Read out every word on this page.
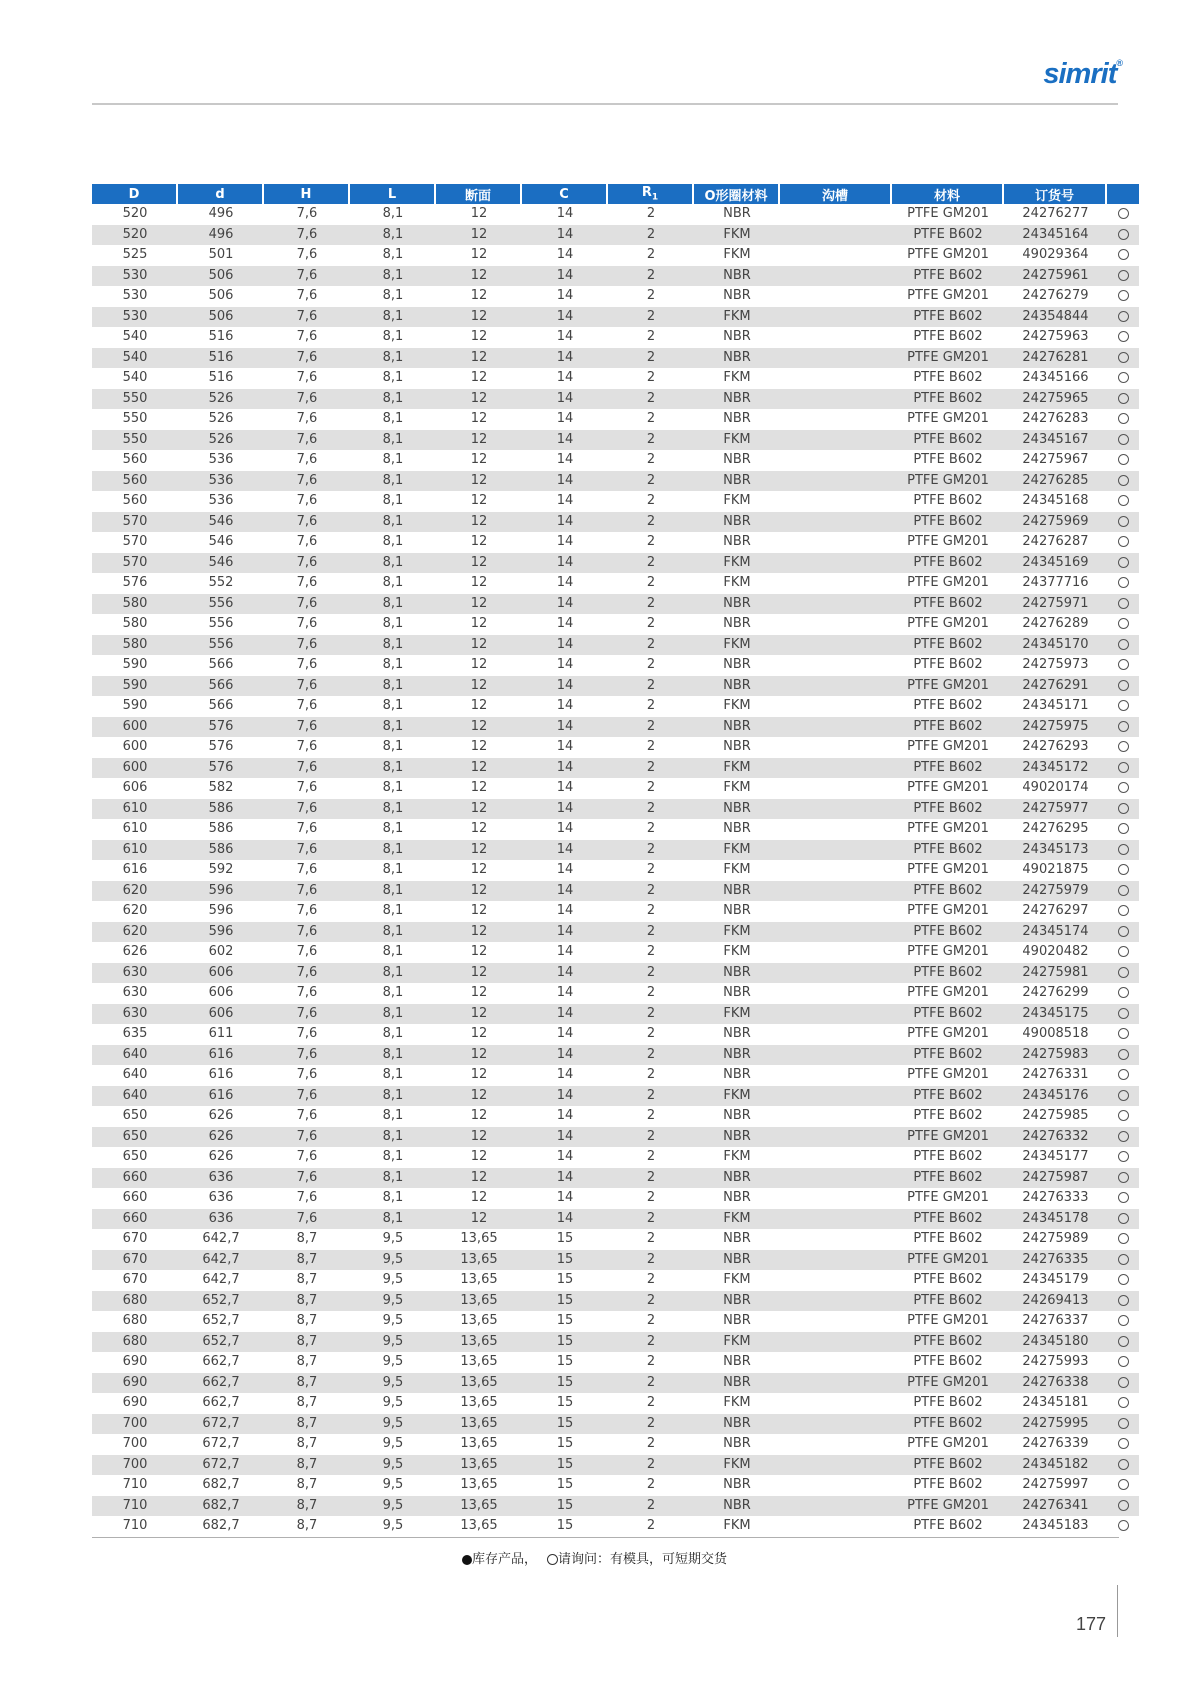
simrit®
D	d	H	L	断面	C	$R_1$	O形圈材料	沟槽	材料	订货号	
520	496	7,6	8,1	12	14	2	NBR		PTFE GM201	24276277	
520	496	7,6	8,1	12	14	2	FKM		PTFE B602	24345164	
525	501	7,6	8,1	12	14	2	FKM		PTFE GM201	49029364	
530	506	7,6	8,1	12	14	2	NBR		PTFE B602	24275961	
530	506	7,6	8,1	12	14	2	NBR		PTFE GM201	24276279	
530	506	7,6	8,1	12	14	2	FKM		PTFE B602	24354844	
540	516	7,6	8,1	12	14	2	NBR		PTFE B602	24275963	
540	516	7,6	8,1	12	14	2	NBR		PTFE GM201	24276281	
540	516	7,6	8,1	12	14	2	FKM		PTFE B602	24345166	
550	526	7,6	8,1	12	14	2	NBR		PTFE B602	24275965	
550	526	7,6	8,1	12	14	2	NBR		PTFE GM201	24276283	
550	526	7,6	8,1	12	14	2	FKM		PTFE B602	24345167	
560	536	7,6	8,1	12	14	2	NBR		PTFE B602	24275967	
560	536	7,6	8,1	12	14	2	NBR		PTFE GM201	24276285	
560	536	7,6	8,1	12	14	2	FKM		PTFE B602	24345168	
570	546	7,6	8,1	12	14	2	NBR		PTFE B602	24275969	
570	546	7,6	8,1	12	14	2	NBR		PTFE GM201	24276287	
570	546	7,6	8,1	12	14	2	FKM		PTFE B602	24345169	
576	552	7,6	8,1	12	14	2	FKM		PTFE GM201	24377716	
580	556	7,6	8,1	12	14	2	NBR		PTFE B602	24275971	
580	556	7,6	8,1	12	14	2	NBR		PTFE GM201	24276289	
580	556	7,6	8,1	12	14	2	FKM		PTFE B602	24345170	
590	566	7,6	8,1	12	14	2	NBR		PTFE B602	24275973	
590	566	7,6	8,1	12	14	2	NBR		PTFE GM201	24276291	
590	566	7,6	8,1	12	14	2	FKM		PTFE B602	24345171	
600	576	7,6	8,1	12	14	2	NBR		PTFE B602	24275975	
600	576	7,6	8,1	12	14	2	NBR		PTFE GM201	24276293	
600	576	7,6	8,1	12	14	2	FKM		PTFE B602	24345172	
606	582	7,6	8,1	12	14	2	FKM		PTFE GM201	49020174	
610	586	7,6	8,1	12	14	2	NBR		PTFE B602	24275977	
610	586	7,6	8,1	12	14	2	NBR		PTFE GM201	24276295	
610	586	7,6	8,1	12	14	2	FKM		PTFE B602	24345173	
616	592	7,6	8,1	12	14	2	FKM		PTFE GM201	49021875	
620	596	7,6	8,1	12	14	2	NBR		PTFE B602	24275979	
620	596	7,6	8,1	12	14	2	NBR		PTFE GM201	24276297	
620	596	7,6	8,1	12	14	2	FKM		PTFE B602	24345174	
626	602	7,6	8,1	12	14	2	FKM		PTFE GM201	49020482	
630	606	7,6	8,1	12	14	2	NBR		PTFE B602	24275981	
630	606	7,6	8,1	12	14	2	NBR		PTFE GM201	24276299	
630	606	7,6	8,1	12	14	2	FKM		PTFE B602	24345175	
635	611	7,6	8,1	12	14	2	NBR		PTFE GM201	49008518	
640	616	7,6	8,1	12	14	2	NBR		PTFE B602	24275983	
640	616	7,6	8,1	12	14	2	NBR		PTFE GM201	24276331	
640	616	7,6	8,1	12	14	2	FKM		PTFE B602	24345176	
650	626	7,6	8,1	12	14	2	NBR		PTFE B602	24275985	
650	626	7,6	8,1	12	14	2	NBR		PTFE GM201	24276332	
650	626	7,6	8,1	12	14	2	FKM		PTFE B602	24345177	
660	636	7,6	8,1	12	14	2	NBR		PTFE B602	24275987	
660	636	7,6	8,1	12	14	2	NBR		PTFE GM201	24276333	
660	636	7,6	8,1	12	14	2	FKM		PTFE B602	24345178	
670	642,7	8,7	9,5	13,65	15	2	NBR		PTFE B602	24275989	
670	642,7	8,7	9,5	13,65	15	2	NBR		PTFE GM201	24276335	
670	642,7	8,7	9,5	13,65	15	2	FKM		PTFE B602	24345179	
680	652,7	8,7	9,5	13,65	15	2	NBR		PTFE B602	24269413	
680	652,7	8,7	9,5	13,65	15	2	NBR		PTFE GM201	24276337	
680	652,7	8,7	9,5	13,65	15	2	FKM		PTFE B602	24345180	
690	662,7	8,7	9,5	13,65	15	2	NBR		PTFE B602	24275993	
690	662,7	8,7	9,5	13,65	15	2	NBR		PTFE GM201	24276338	
690	662,7	8,7	9,5	13,65	15	2	FKM		PTFE B602	24345181	
700	672,7	8,7	9,5	13,65	15	2	NBR		PTFE B602	24275995	
700	672,7	8,7	9,5	13,65	15	2	NBR		PTFE GM201	24276339	
700	672,7	8,7	9,5	13,65	15	2	FKM		PTFE B602	24345182	
710	682,7	8,7	9,5	13,65	15	2	NBR		PTFE B602	24275997	
710	682,7	8,7	9,5	13,65	15	2	NBR		PTFE GM201	24276341	
710	682,7	8,7	9,5	13,65	15	2	FKM		PTFE B602	24345183	
库存产品， 请询问：有模具，可短期交货
177
